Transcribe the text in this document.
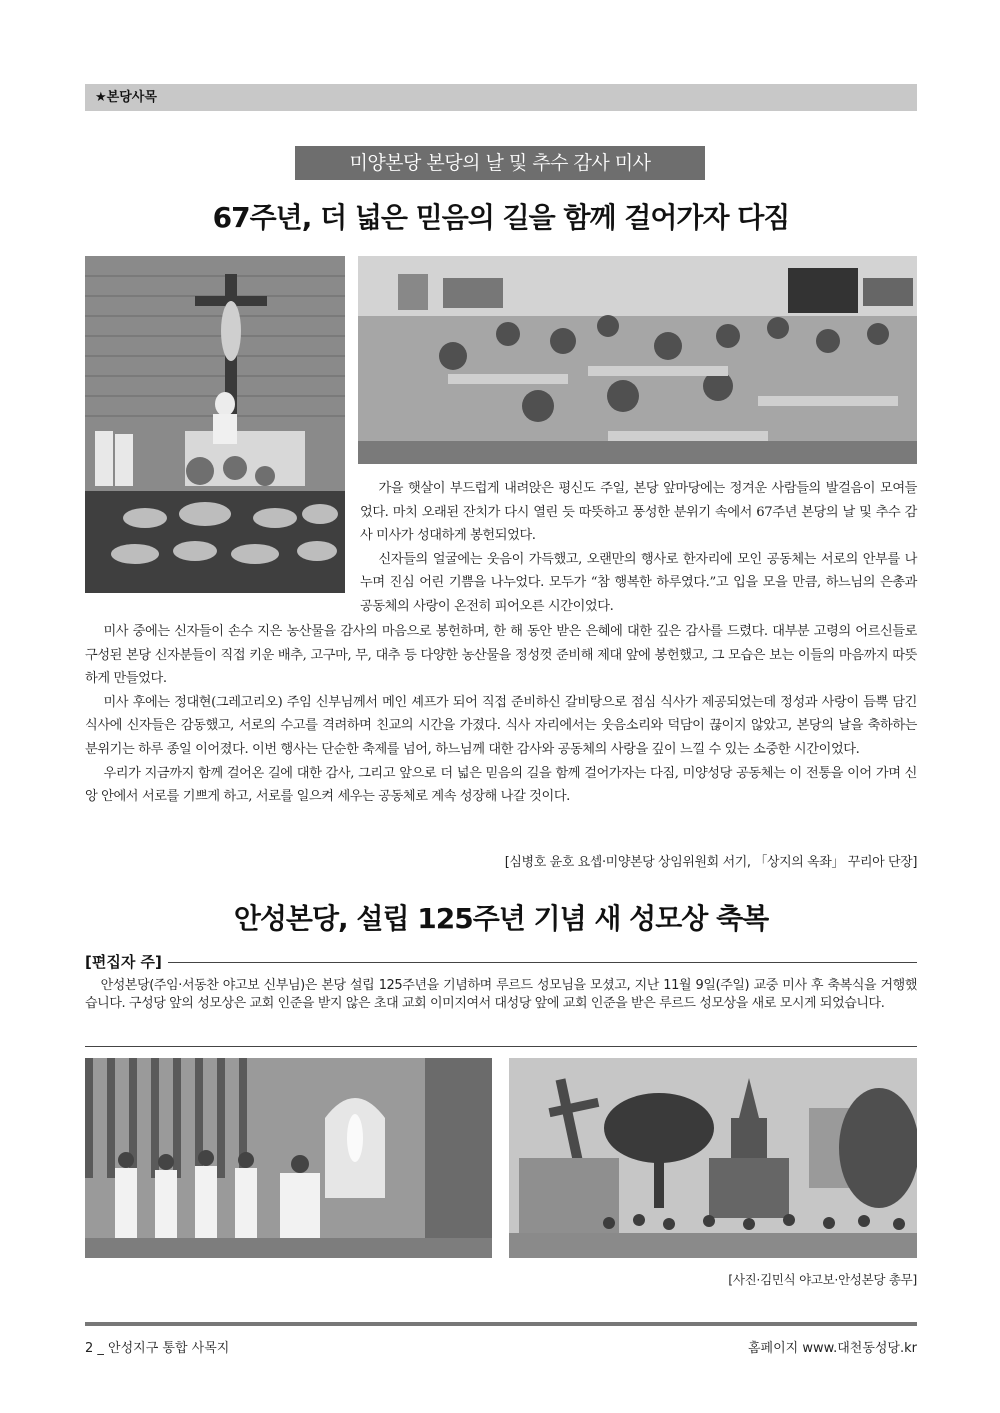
★본당사목
미양본당 본당의 날 및 추수 감사 미사
67주년, 더 넓은 믿음의 길을 함께 걸어가자 다짐

가을 햇살이 부드럽게 내려앉은 평신도 주일, 본당 앞마당에는 정겨운 사람들의 발걸음이 모여들었다. 마치 오래된 잔치가 다시 열린 듯 따뜻하고 풍성한 분위기 속에서 67주년 본당의 날 및 추수 감사 미사가 성대하게 봉헌되었다.

신자들의 얼굴에는 웃음이 가득했고, 오랜만의 행사로 한자리에 모인 공동체는 서로의 안부를 나누며 진심 어린 기쁨을 나누었다. 모두가 “참 행복한 하루였다.”고 입을 모을 만큼, 하느님의 은총과 공동체의 사랑이 온전히 피어오른 시간이었다.

미사 중에는 신자들이 손수 지은 농산물을 감사의 마음으로 봉헌하며, 한 해 동안 받은 은혜에 대한 깊은 감사를 드렸다. 대부분 고령의 어르신들로 구성된 본당 신자분들이 직접 키운 배추, 고구마, 무, 대추 등 다양한 농산물을 정성껏 준비해 제대 앞에 봉헌했고, 그 모습은 보는 이들의 마음까지 따뜻하게 만들었다.

미사 후에는 정대현(그레고리오) 주임 신부님께서 메인 셰프가 되어 직접 준비하신 갈비탕으로 점심 식사가 제공되었는데 정성과 사랑이 듬뿍 담긴 식사에 신자들은 감동했고, 서로의 수고를 격려하며 친교의 시간을 가졌다. 식사 자리에서는 웃음소리와 덕담이 끊이지 않았고, 본당의 날을 축하하는 분위기는 하루 종일 이어졌다. 이번 행사는 단순한 축제를 넘어, 하느님께 대한 감사와 공동체의 사랑을 깊이 느낄 수 있는 소중한 시간이었다.

우리가 지금까지 함께 걸어온 길에 대한 감사, 그리고 앞으로 더 넓은 믿음의 길을 함께 걸어가자는 다짐, 미양성당 공동체는 이 전통을 이어 가며 신앙 안에서 서로를 기쁘게 하고, 서로를 일으켜 세우는 공동체로 계속 성장해 나갈 것이다.

[심병호 윤호 요셉·미양본당 상임위원회 서기, 「상지의 옥좌」 꾸리아 단장]
안성본당, 설립 125주년 기념 새 성모상 축복
[편집자 주]

안성본당(주임·서동찬 야고보 신부님)은 본당 설립 125주년을 기념하며 루르드 성모님을 모셨고, 지난 11월 9일(주일) 교중 미사 후 축복식을 거행했습니다. 구성당 앞의 성모상은 교회 인준을 받지 않은 초대 교회 이미지여서 대성당 앞에 교회 인준을 받은 루르드 성모상을 새로 모시게 되었습니다.

[사진·김민식 야고보·안성본당 총무]
2 _ 안성지구 통합 사목지	홈페이지 www.대천동성당.kr
